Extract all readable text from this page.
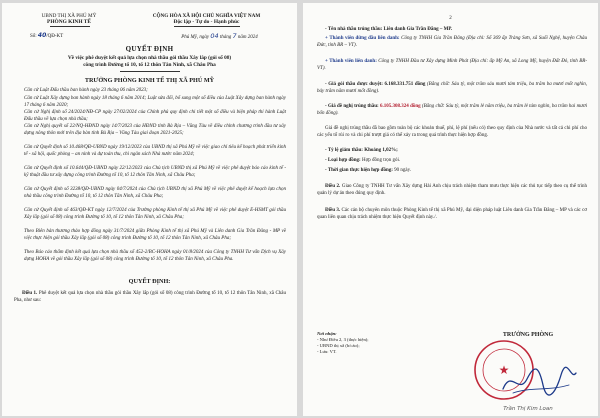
UBND THỊ XÃ PHÚ MỸ
PHÒNG KINH TẾ
CỘNG HÒA XÃ HỘI CHỦ NGHĨA VIỆT NAM
Độc lập - Tự do - Hạnh phúc
Số: 40/QĐ-KT	Phú Mỹ, ngày 04 tháng 7 năm 2024
QUYẾT ĐỊNH
Về việc phê duyệt kết quả lựa chọn nhà thầu gói thầu Xây lắp (gói số 08)
công trình Đường tổ 10, tổ 12 thôn Tân Ninh, xã Châu Pha
TRƯỞNG PHÒNG KINH TẾ THỊ XÃ PHÚ MỸ
Căn cứ Luật Đấu thầu ban hành ngày 23 tháng 06 năm 2023;
Căn cứ Luật Xây dựng ban hành ngày 18 tháng 6 năm 2014; Luật sửa đổi, bổ sung một số điều của Luật Xây dựng ban hành ngày 17 tháng 6 năm 2020;
Căn cứ Nghị định số 24/2024/NĐ-CP ngày 27/02/2024 của Chính phủ quy định chi tiết một số điều và biện pháp thi hành Luật Đấu thầu về lựa chọn nhà thầu;
Căn cứ Nghị quyết số 22/NQ-HĐND ngày 14/7/2023 của HĐND tỉnh Bà Rịa – Vũng Tàu về điều chỉnh chương trình đầu tư xây dựng nông thôn mới trên địa bàn tỉnh Bà Rịa – Vũng Tàu giai đoạn 2021-2025;
Căn cứ Quyết định số 10.468/QĐ-UBND ngày 19/12/2023 của UBND thị xã Phú Mỹ về việc giao chỉ tiêu kế hoạch phát triển kinh tế - xã hội, quốc phòng – an ninh và dự toán thu, chi ngân sách Nhà nước năm 2024;
Căn cứ Quyết định số 10.644/QĐ-UBND ngày 22/12/2023 của Chủ tịch UBND thị xã Phú Mỹ về việc phê duyệt báo cáo kinh tế - kỹ thuật đầu tư xây dựng công trình Đường tổ 10, tổ 12 thôn Tân Ninh, xã Châu Pha;
Căn cứ Quyết định số 3238/QĐ-UBND ngày 04/7/2024 của Chủ tịch UBND thị xã Phú Mỹ về việc phê duyệt kế hoạch lựa chọn nhà thầu công trình Đường tổ 10, tổ 12 thôn Tân Ninh, xã Châu Pha;
Căn cứ Quyết định số 463/QĐ-KT ngày 12/7/2024 của Trưởng phòng Kinh tế thị xã Phú Mỹ về việc phê duyệt E-HSMT gói thầu Xây lắp (gói số 08) công trình Đường tổ 10, tổ 12 thôn Tân Ninh, xã Châu Pha;
Theo Biên bản thương thảo hợp đồng ngày 31/7/2024 giữa Phòng Kinh tế thị xã Phú Mỹ và Liên danh Gia Trần Đăng - MP về việc thực hiện gói thầu Xây lắp (gói số 08) công trình Đường tổ 10, tổ 12 thôn Tân Ninh, xã Châu Pha;
Theo Báo cáo thẩm định kết quả lựa chọn nhà thầu số 452-2/BC-HOHA ngày 01/8/2024 của Công ty TNHH Tư vấn Dịch vụ Xây dựng HOHA về gói thầu Xây lắp (gói số 08) công trình Đường tổ 10, tổ 12 thôn Tân Ninh, xã Châu Pha.
QUYẾT ĐỊNH:
Điều 1. Phê duyệt kết quả lựa chọn nhà thầu gói thầu Xây lắp (gói số 08) công trình Đường tổ 10, tổ 12 thôn Tân Ninh, xã Châu Pha, như sau:
2
- Tên nhà thầu trúng thầu: Liên danh Gia Trần Đăng – MP.
+ Thành viên đứng đầu liên danh: Công ty TNHH Gia Trần Đăng (Địa chỉ: Số 369 ấp Trảng Sơn, xã Suối Nghệ, huyện Châu Đức, tỉnh BR – VT).
+ Thành viên liên danh: Công ty TNHH Đầu tư Xây dựng Minh Phát (Địa chỉ: ấp Mỹ An, xã Long Mỹ, huyện Đất Đỏ, tỉnh BR-VT).
- Giá gói thầu được duyệt: 6.168.331.751 đồng (Bằng chữ: Sáu tỷ, một trăm sáu mươi tám triệu, ba trăm ba mươi mốt nghìn, bảy trăm năm mươi mốt đồng).
- Giá đề nghị trúng thầu: 6.105.308.324 đồng (Bằng chữ: Sáu tỷ, một trăm lẻ năm triệu, ba trăm lẻ tám nghìn, ba trăm hai mươi bốn đồng).
Giá đề nghị trúng thầu đã bao gồm toàn bộ các khoản thuế, phí, lệ phí (nếu có) theo quy định của Nhà nước và tất cả chi phí cho các yếu tố rủi ro và chi phí trượt giá có thể xảy ra trong quá trình thực hiện hợp đồng.
- Tỷ lệ giảm thầu: Khoảng 1,02%;
- Loại hợp đồng: Hợp đồng trọn gói.
- Thời gian thực hiện hợp đồng: 90 ngày.
Điều 2. Giao Công ty TNHH Tư vấn Xây dựng Hải Anh chịu trách nhiệm tham mưu thực hiện các thủ tục tiếp theo cụ thể trình quản lý dự án theo đúng quy định.
Điều 3. Các cán bộ chuyên môn thuộc Phòng Kinh tế thị xã Phú Mỹ, đại diện pháp luật Liên danh Gia Trần Đăng – MP và các cơ quan liên quan chịu trách nhiệm thực hiện Quyết định này./.
Nơi nhận:
- Như Điều 2, 3 (thực hiện);
- UBND thị xã (b/cáo);
- Lưu: VT.
TRƯỞNG PHÒNG
★
Trần Thị Kim Loan
